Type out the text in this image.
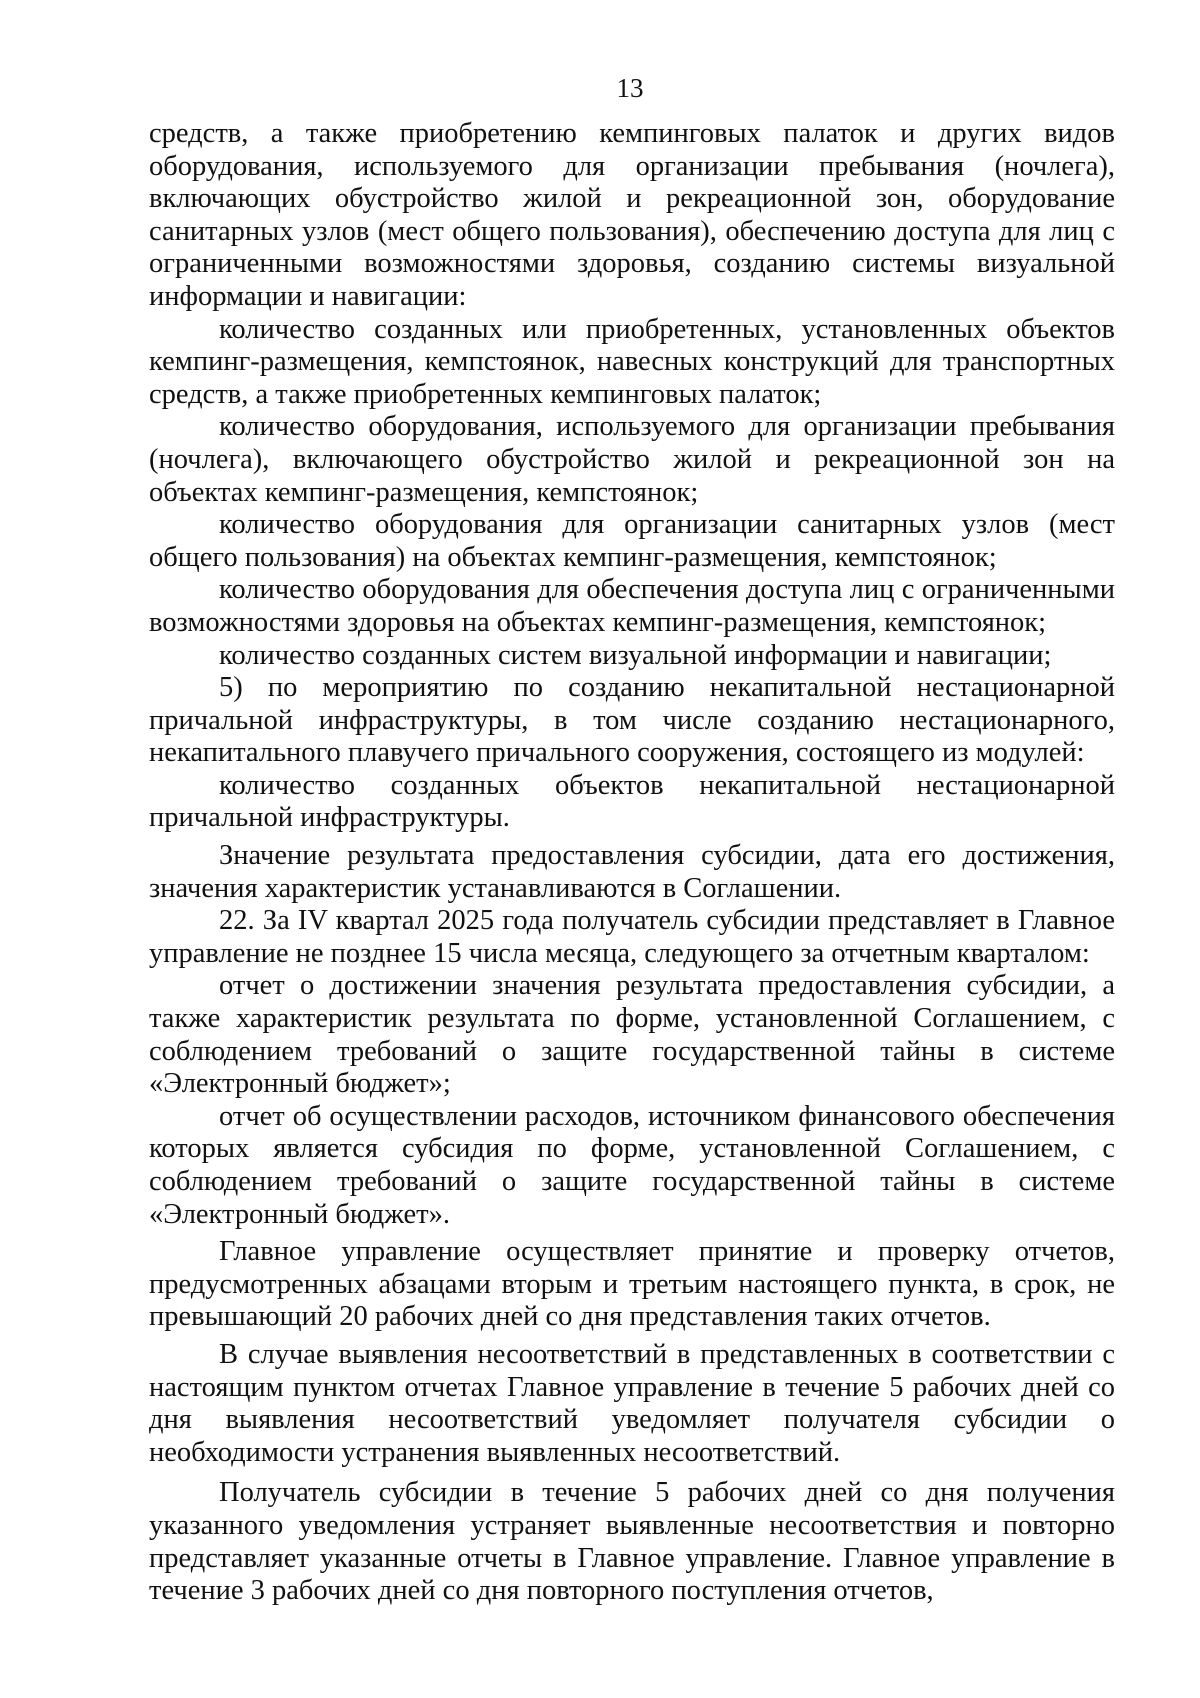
13

средств, а также приобретению кемпинговых палаток и других видов оборудования, используемого для организации пребывания (ночлега), включающих обустройство жилой и рекреационной зон, оборудование санитарных узлов (мест общего пользования), обеспечению доступа для лиц с ограниченными возможностями здоровья, созданию системы визуальной информации и навигации:

количество созданных или приобретенных, установленных объектов кемпинг-размещения, кемпстоянок, навесных конструкций для транспортных средств, а также приобретенных кемпинговых палаток;

количество оборудования, используемого для организации пребывания (ночлега), включающего обустройство жилой и рекреационной зон на объектах кемпинг-размещения, кемпстоянок;

количество оборудования для организации санитарных узлов (мест общего пользования) на объектах кемпинг-размещения, кемпстоянок;

количество оборудования для обеспечения доступа лиц с ограниченными возможностями здоровья на объектах кемпинг-размещения, кемпстоянок;

количество созданных систем визуальной информации и навигации;

5) по мероприятию по созданию некапитальной нестационарной причальной инфраструктуры, в том числе созданию нестационарного, некапитального плавучего причального сооружения, состоящего из модулей:

количество созданных объектов некапитальной нестационарной причальной инфраструктуры.

Значение результата предоставления субсидии, дата его достижения, значения характеристик устанавливаются в Соглашении.

22. За IV квартал 2025 года получатель субсидии представляет в Главное управление не позднее 15 числа месяца, следующего за отчетным кварталом:

отчет о достижении значения результата предоставления субсидии, а также характеристик результата по форме, установленной Соглашением, с соблюдением требований о защите государственной тайны в системе «Электронный бюджет»;

отчет об осуществлении расходов, источником финансового обеспечения которых является субсидия по форме, установленной Соглашением, с соблюдением требований о защите государственной тайны в системе «Электронный бюджет».

Главное управление осуществляет принятие и проверку отчетов, предусмотренных абзацами вторым и третьим настоящего пункта, в срок, не превышающий 20 рабочих дней со дня представления таких отчетов.

В случае выявления несоответствий в представленных в соответствии с настоящим пунктом отчетах Главное управление в течение 5 рабочих дней со дня выявления несоответствий уведомляет получателя субсидии о необходимости устранения выявленных несоответствий.

Получатель субсидии в течение 5 рабочих дней со дня получения указанного уведомления устраняет выявленные несоответствия и повторно представляет указанные отчеты в Главное управление. Главное управление в течение 3 рабочих дней со дня повторного поступления отчетов,
